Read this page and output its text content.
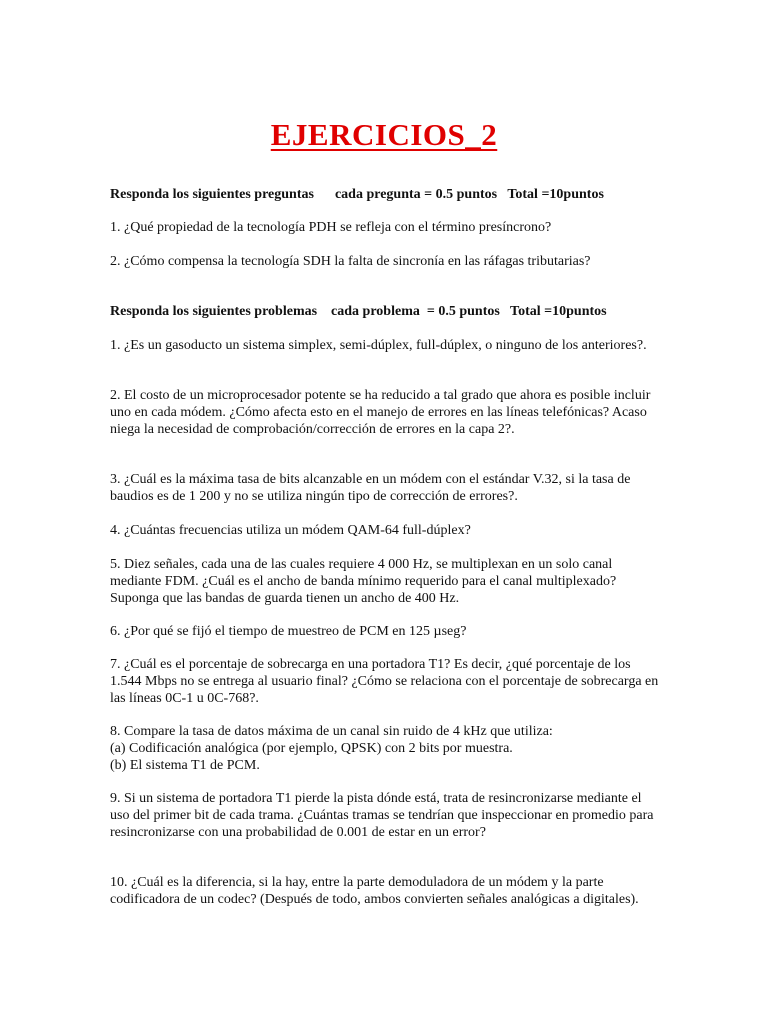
EJERCICIOS_2
Responda los siguientes preguntas      cada pregunta = 0.5 puntos   Total =10puntos
1. ¿Qué propiedad de la tecnología PDH se refleja con el término presíncrono?
2. ¿Cómo compensa la tecnología SDH la falta de sincronía en las ráfagas tributarias?
Responda los siguientes problemas    cada problema  = 0.5 puntos   Total =10puntos
1. ¿Es un gasoducto un sistema simplex, semi-dúplex, full-dúplex, o ninguno de los anteriores?.
2. El costo de un microprocesador potente se ha reducido a tal grado que ahora es posible incluir uno en cada módem. ¿Cómo afecta esto en el manejo de errores en las líneas telefónicas? Acaso niega la necesidad de comprobación/corrección de errores en la capa 2?.
3. ¿Cuál es la máxima tasa de bits alcanzable en un módem con el estándar V.32, si la tasa de baudios es de 1 200 y no se utiliza ningún tipo de corrección de errores?.
4. ¿Cuántas frecuencias utiliza un módem QAM-64 full-dúplex?
5. Diez señales, cada una de las cuales requiere 4 000 Hz, se multiplexan en un solo canal mediante FDM. ¿Cuál es el ancho de banda mínimo requerido para el canal multiplexado? Suponga que las bandas de guarda tienen un ancho de 400 Hz.
6. ¿Por qué se fijó el tiempo de muestreo de PCM en 125 µseg?
7. ¿Cuál es el porcentaje de sobrecarga en una portadora T1? Es decir, ¿qué porcentaje de los 1.544 Mbps no se entrega al usuario final? ¿Cómo se relaciona con el porcentaje de sobrecarga en las líneas 0C-1 u 0C-768?.
8. Compare la tasa de datos máxima de un canal sin ruido de 4 kHz que utiliza:
(a) Codificación analógica (por ejemplo, QPSK) con 2 bits por muestra.
(b) El sistema T1 de PCM.
9. Si un sistema de portadora T1 pierde la pista dónde está, trata de resincronizarse mediante el uso del primer bit de cada trama. ¿Cuántas tramas se tendrían que inspeccionar en promedio para resincronizarse con una probabilidad de 0.001 de estar en un error?
10. ¿Cuál es la diferencia, si la hay, entre la parte demoduladora de un módem y la parte codificadora de un codec? (Después de todo, ambos convierten señales analógicas a digitales).
